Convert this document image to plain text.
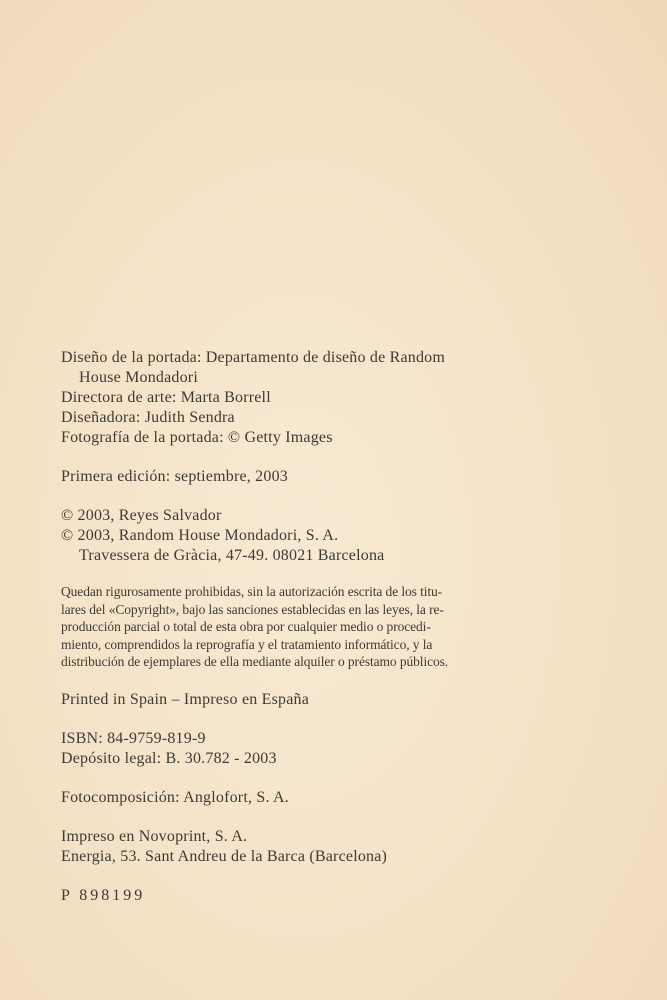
Diseño de la portada: Departamento de diseño de Random
House Mondadori
Directora de arte: Marta Borrell
Diseñadora: Judith Sendra
Fotografía de la portada: © Getty Images
Primera edición: septiembre, 2003
© 2003, Reyes Salvador
© 2003, Random House Mondadori, S. A.
Travessera de Gràcia, 47-49. 08021 Barcelona
Quedan rigurosamente prohibidas, sin la autorización escrita de los titu-
lares del «Copyright», bajo las sanciones establecidas en las leyes, la re-
producción parcial o total de esta obra por cualquier medio o procedi-
miento, comprendidos la reprografía y el tratamiento informático, y la
distribución de ejemplares de ella mediante alquiler o préstamo públicos.
Printed in Spain – Impreso en España
ISBN: 84-9759-819-9
Depósito legal: B. 30.782 - 2003
Fotocomposición: Anglofort, S. A.
Impreso en Novoprint, S. A.
Energia, 53. Sant Andreu de la Barca (Barcelona)
P 898199
